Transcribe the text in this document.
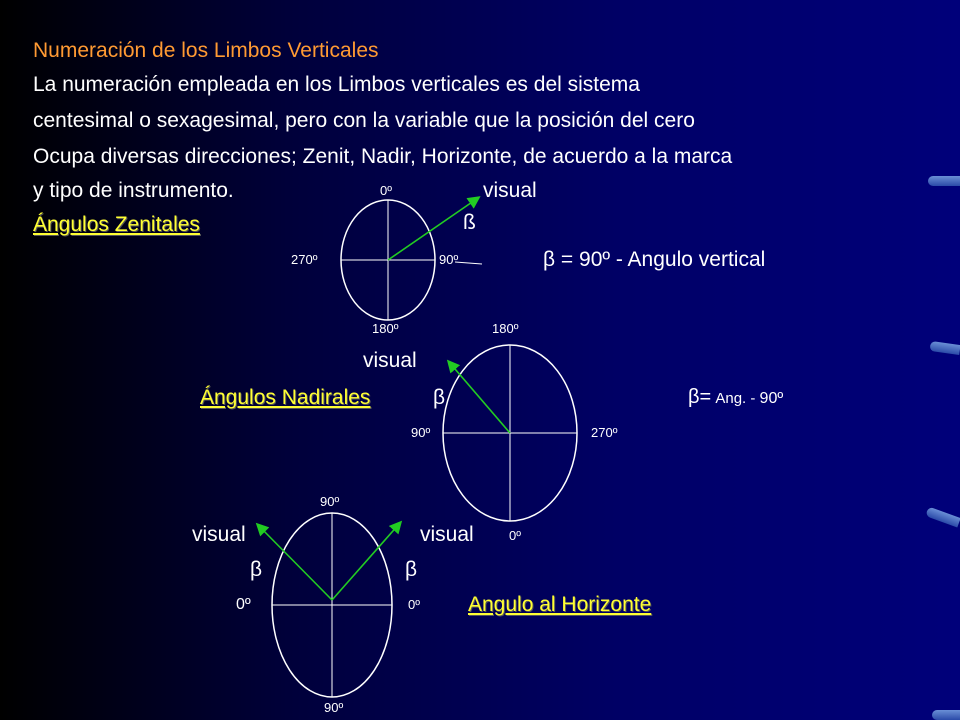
Numeración de los Limbos Verticales
La numeración empleada en los Limbos verticales es del sistema
centesimal o sexagesimal, pero con la variable que la posición del cero
Ocupa diversas direcciones; Zenit, Nadir, Horizonte, de acuerdo a la marca
y tipo de instrumento.	0º	visual
Ángulos Zenitales	ß
270º	90º	β = 90º - Angulo vertical
180º	180º
visual
Ángulos Nadirales	β	β= Ang. - 90º
90º	270º
0º
90º
visual	visual
β	β
0º	0º Angulo al Horizonte
90º
